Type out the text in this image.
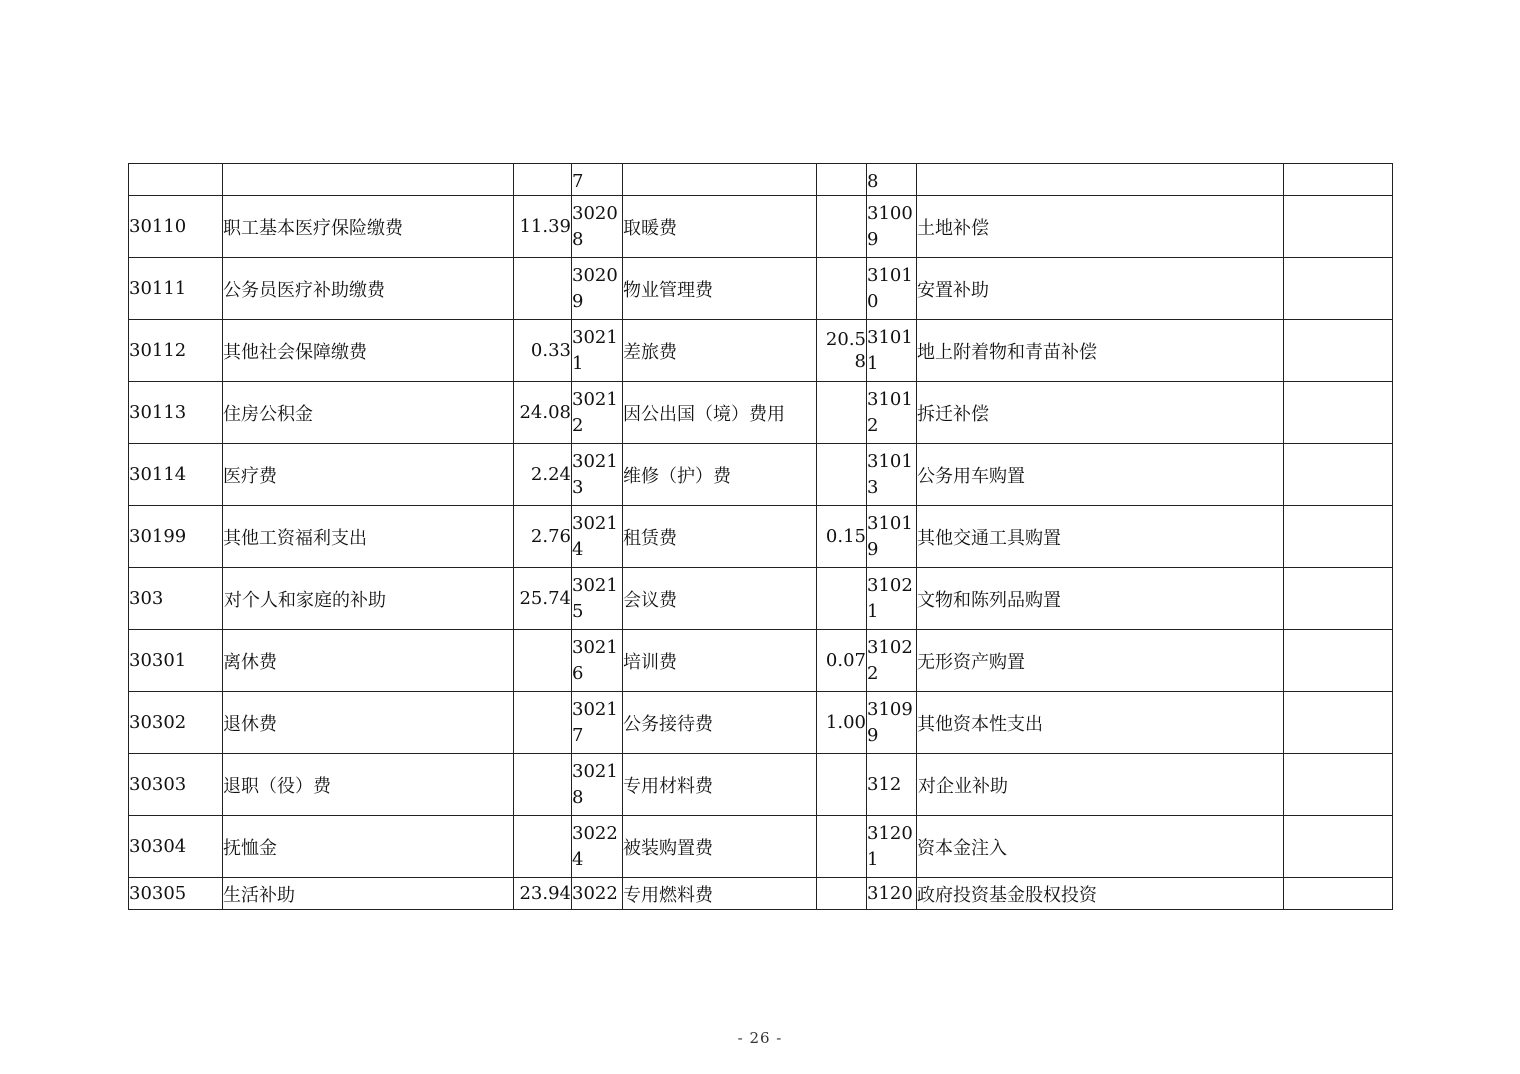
			7			8		
30110	职工基本医疗保险缴费	11.39	30208	取暖费		31009	土地补偿	
30111	公务员医疗补助缴费		30209	物业管理费		31010	安置补助	
30112	其他社会保障缴费	0.33	30211	差旅费	20.58	31011	地上附着物和青苗补偿	
30113	住房公积金	24.08	30212	因公出国（境）费用		31012	拆迁补偿	
30114	医疗费	2.24	30213	维修（护）费		31013	公务用车购置	
30199	其他工资福利支出	2.76	30214	租赁费	0.15	31019	其他交通工具购置	
303	对个人和家庭的补助	25.74	30215	会议费		31021	文物和陈列品购置	
30301	离休费		30216	培训费	0.07	31022	无形资产购置	
30302	退休费		30217	公务接待费	1.00	31099	其他资本性支出	
30303	退职（役）费		30218	专用材料费		312	对企业补助	
30304	抚恤金		30224	被装购置费		31201	资本金注入	
30305	生活补助	23.94	3022	专用燃料费		3120	政府投资基金股权投资	
- 26 -
